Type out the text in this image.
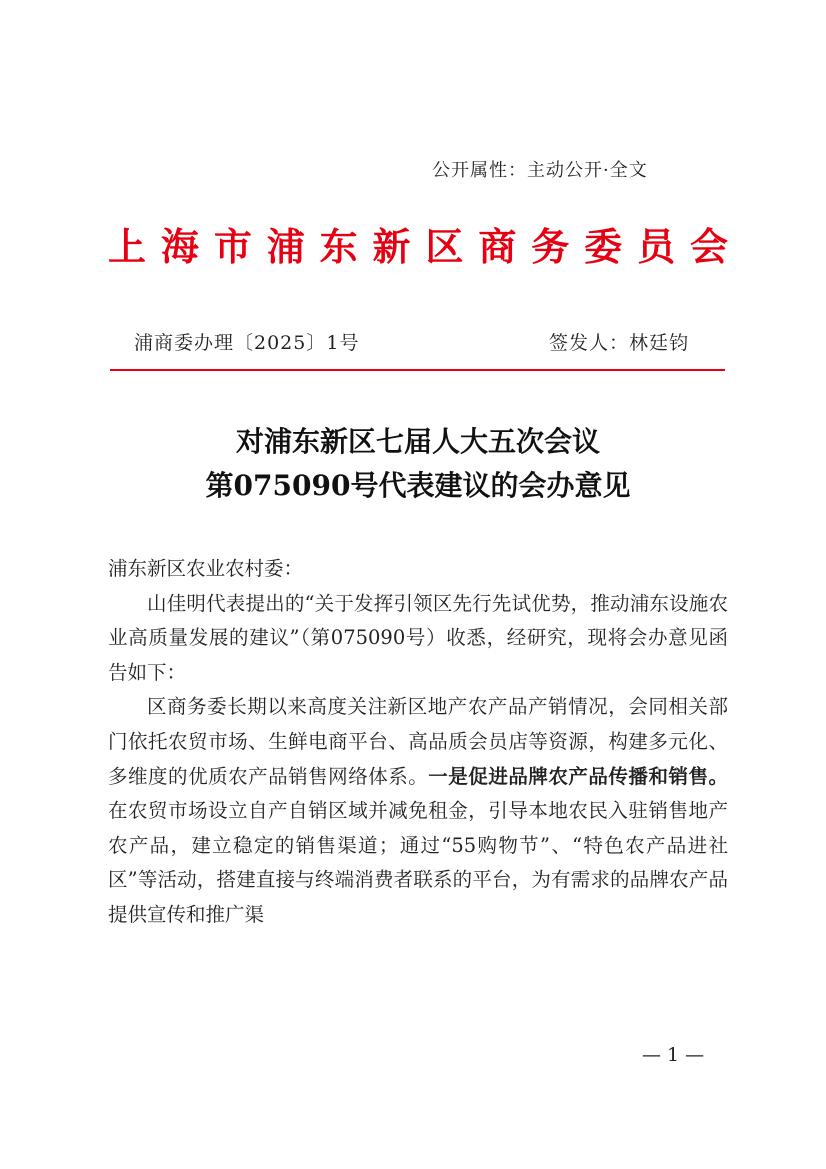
公开属性：主动公开·全文
上海市浦东新区商务委员会
浦商委办理〔2025〕1号	签发人：林廷钧
对浦东新区七届人大五次会议
第075090号代表建议的会办意见

浦东新区农业农村委：

山佳明代表提出的“关于发挥引领区先行先试优势，推动浦东设施农业高质量发展的建议”（第075090号）收悉，经研究，现将会办意见函告如下：

区商务委长期以来高度关注新区地产农产品产销情况，会同相关部门依托农贸市场、生鲜电商平台、高品质会员店等资源，构建多元化、多维度的优质农产品销售网络体系。一是促进品牌农产品传播和销售。在农贸市场设立自产自销区域并减免租金，引导本地农民入驻销售地产农产品，建立稳定的销售渠道；通过“55购物节”、“特色农产品进社区”等活动，搭建直接与终端消费者联系的平台，为有需求的品牌农产品提供宣传和推广渠

— 1 —
